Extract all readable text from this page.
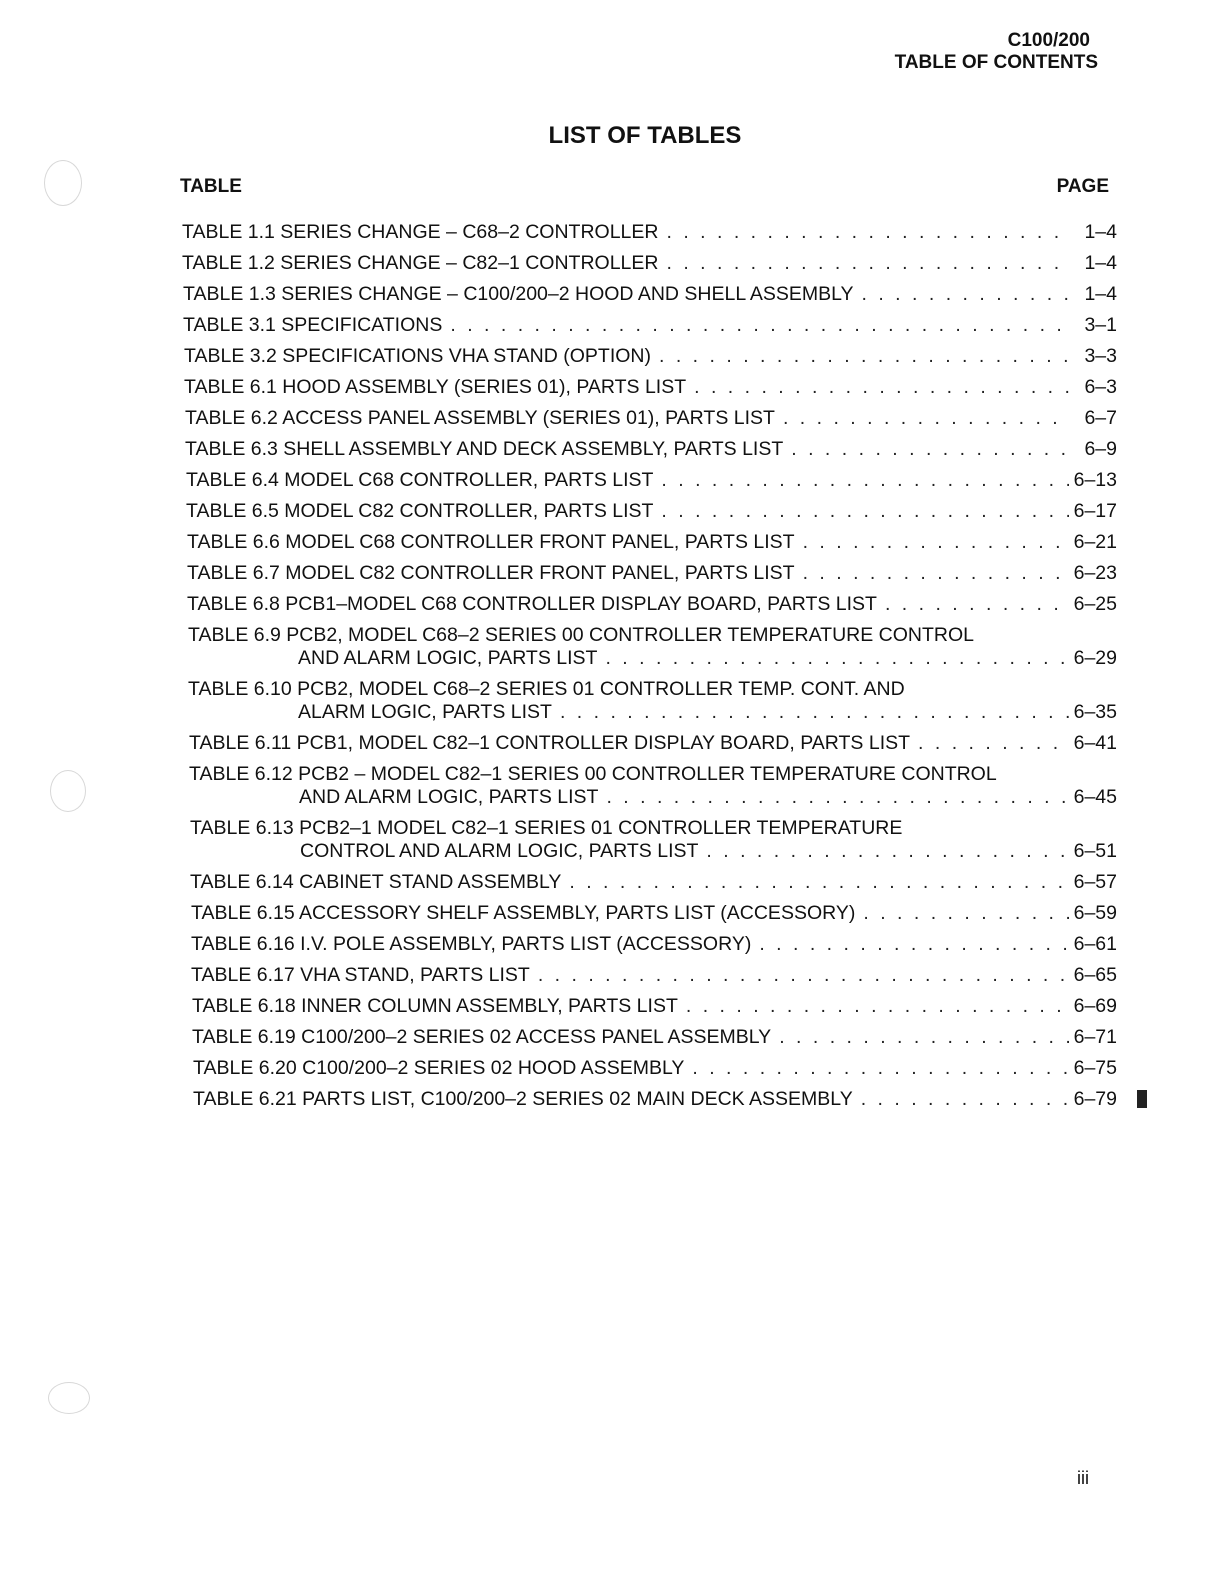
C100/200
TABLE OF CONTENTS
LIST OF TABLES
TABLE	PAGE
TABLE 1.1 SERIES CHANGE – C68–2 CONTROLLER . . .	1–4
TABLE 1.2 SERIES CHANGE – C82–1 CONTROLLER . . .	1–4
TABLE 1.3 SERIES CHANGE – C100/200–2 HOOD AND SHELL ASSEMBLY . . .	1–4
TABLE 3.1 SPECIFICATIONS . . .	3–1
TABLE 3.2 SPECIFICATIONS VHA STAND (OPTION) . . .	3–3
TABLE 6.1 HOOD ASSEMBLY (SERIES 01), PARTS LIST . . .	6–3
TABLE 6.2 ACCESS PANEL ASSEMBLY (SERIES 01), PARTS LIST . . .	6–7
TABLE 6.3 SHELL ASSEMBLY AND DECK ASSEMBLY, PARTS LIST . . .	6–9
TABLE 6.4 MODEL C68 CONTROLLER, PARTS LIST . . .	6–13
TABLE 6.5 MODEL C82 CONTROLLER, PARTS LIST . . .	6–17
TABLE 6.6 MODEL C68 CONTROLLER FRONT PANEL, PARTS LIST . . .	6–21
TABLE 6.7 MODEL C82 CONTROLLER FRONT PANEL, PARTS LIST . . .	6–23
TABLE 6.8 PCB1–MODEL C68 CONTROLLER DISPLAY BOARD, PARTS LIST . . .	6–25
TABLE 6.9 PCB2, MODEL C68–2 SERIES 00 CONTROLLER TEMPERATURE CONTROL
AND ALARM LOGIC, PARTS LIST . . .	6–29
TABLE 6.10 PCB2, MODEL C68–2 SERIES 01 CONTROLLER TEMP. CONT. AND
ALARM LOGIC, PARTS LIST . . .	6–35
TABLE 6.11 PCB1, MODEL C82–1 CONTROLLER DISPLAY BOARD, PARTS LIST . . .	6–41
TABLE 6.12 PCB2 – MODEL C82–1 SERIES 00 CONTROLLER TEMPERATURE CONTROL
AND ALARM LOGIC, PARTS LIST . . .	6–45
TABLE 6.13 PCB2–1 MODEL C82–1 SERIES 01 CONTROLLER TEMPERATURE
CONTROL AND ALARM LOGIC, PARTS LIST . . .	6–51
TABLE 6.14 CABINET STAND ASSEMBLY . . .	6–57
TABLE 6.15 ACCESSORY SHELF ASSEMBLY, PARTS LIST (ACCESSORY) . . .	6–59
TABLE 6.16 I.V. POLE ASSEMBLY, PARTS LIST (ACCESSORY) . . .	6–61
TABLE 6.17 VHA STAND, PARTS LIST . . .	6–65
TABLE 6.18 INNER COLUMN ASSEMBLY, PARTS LIST . . .	6–69
TABLE 6.19 C100/200–2 SERIES 02 ACCESS PANEL ASSEMBLY . . .	6–71
TABLE 6.20 C100/200–2 SERIES 02 HOOD ASSEMBLY . . .	6–75
TABLE 6.21 PARTS LIST, C100/200–2 SERIES 02 MAIN DECK ASSEMBLY . . .	6–79
iii
